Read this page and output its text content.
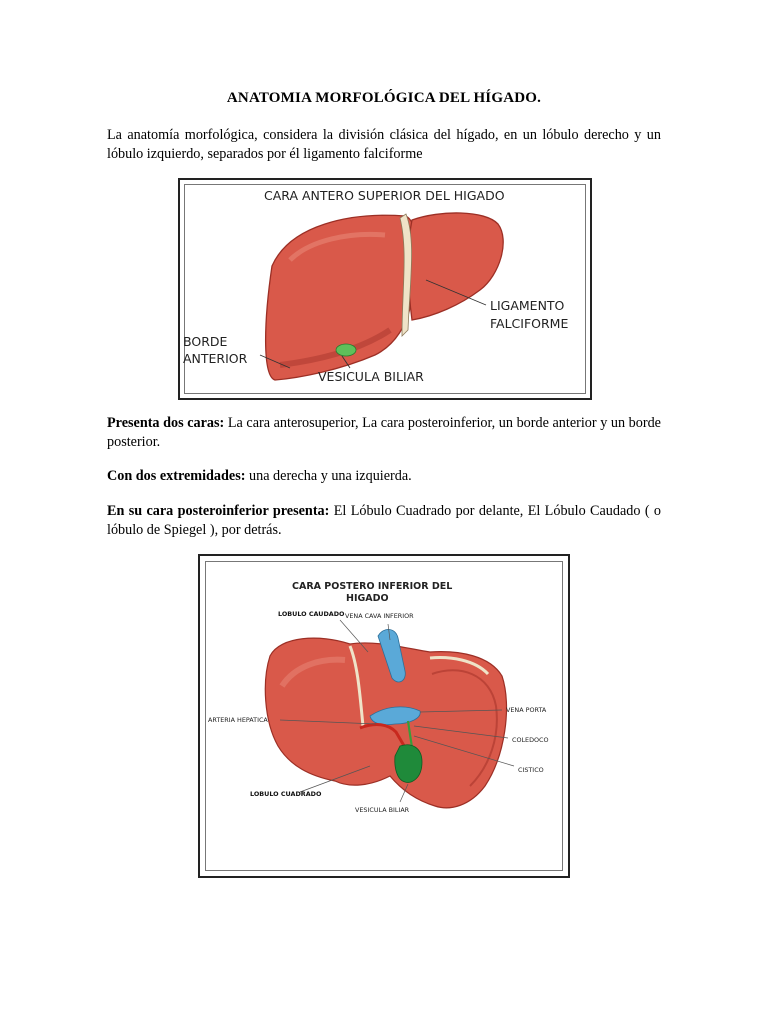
ANATOMIA MORFOLÓGICA DEL HÍGADO.
La anatomía morfológica, considera la división clásica del hígado, en un lóbulo derecho y un lóbulo izquierdo, separados por él ligamento falciforme
CARA ANTERO SUPERIOR DEL HIGADO
LIGAMENTO
FALCIFORME
BORDE
ANTERIOR
VESICULA BILIAR
Presenta dos caras: La cara anterosuperior, La cara posteroinferior, un borde anterior y un borde posterior.
Con dos extremidades: una derecha y una izquierda.
En su cara posteroinferior presenta: El Lóbulo Cuadrado por delante, El Lóbulo Caudado ( o lóbulo de Spiegel ), por detrás.
CARA POSTERO INFERIOR DEL
HIGADO
LOBULO CAUDADO VENA CAVA INFERIOR
VENA PORTA
ARTERIA HEPATICA
COLEDOCO
CISTICO
LOBULO CUADRADO
VESICULA BILIAR
